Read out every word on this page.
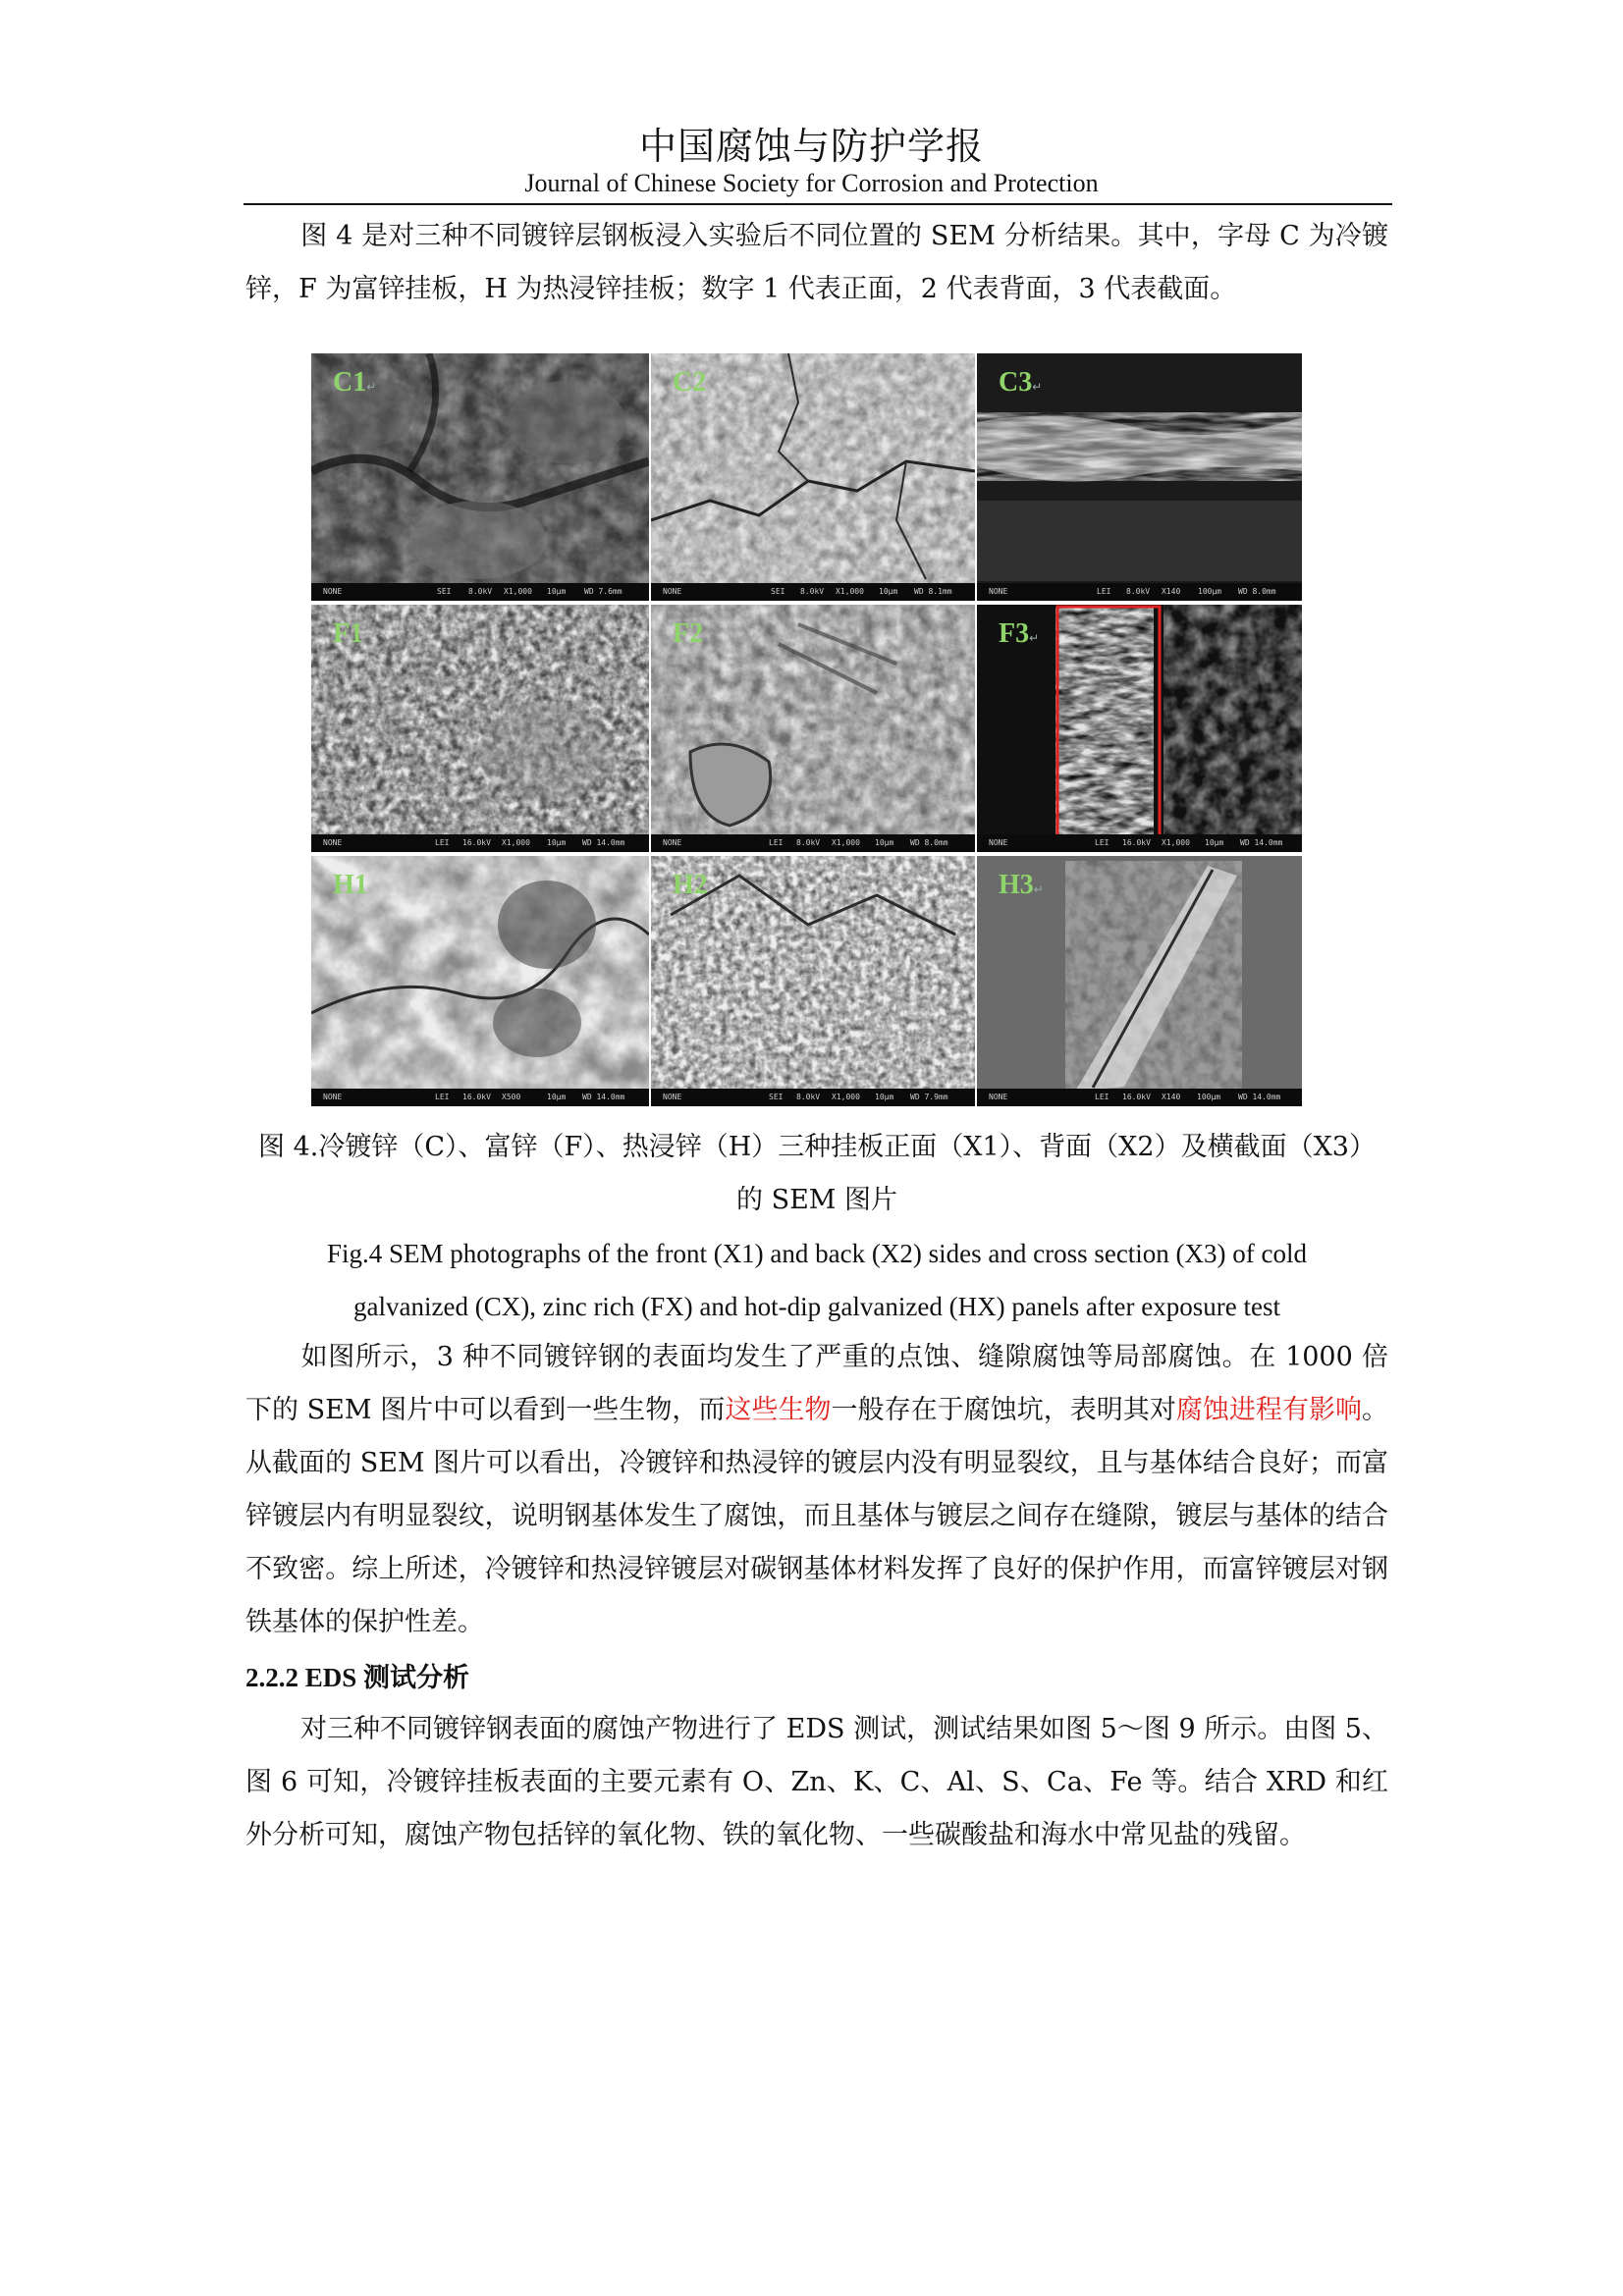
中国腐蚀与防护学报
Journal of Chinese Society for Corrosion and Protection
图 4 是对三种不同镀锌层钢板浸入实验后不同位置的 SEM 分析结果。其中，字母 C 为冷镀锌，F 为富锌挂板，H 为热浸锌挂板；数字 1 代表正面，2 代表背面，3 代表截面。
C1↵
NONE	SEI 8.0kV X1,000 10μm WD 7.6mm
C2
NONE	SEI 8.0kV X1,000 10μm WD 8.1mm
C3↵
NONE	LEI 8.0kV X140 100μm WD 8.0mm
F1
NONE	LEI 16.0kV X1,000 10μm WD 14.0mm
F2
NONE	LEI 8.0kV X1,000 10μm WD 8.0mm
F3↵
NONE	LEI 16.0kV X1,000 10μm WD 14.0mm
H1
NONE	LEI 16.0kV X500	10μm WD 14.0mm
H2
NONE	SEI 8.0kV X1,000 10μm WD 7.9mm
H3↵
NONE	LEI 16.0kV X140 100μm WD 14.0mm
图 4.冷镀锌（C）、富锌（F）、热浸锌（H）三种挂板正面（X1）、背面（X2）及横截面（X3）的 SEM 图片
Fig.4 SEM photographs of the front (X1) and back (X2) sides and cross section (X3) of cold galvanized (CX), zinc rich (FX) and hot-dip galvanized (HX) panels after exposure test
如图所示，3 种不同镀锌钢的表面均发生了严重的点蚀、缝隙腐蚀等局部腐蚀。在 1000 倍下的 SEM 图片中可以看到一些生物，而这些生物一般存在于腐蚀坑，表明其对腐蚀进程有影响。从截面的 SEM 图片可以看出，冷镀锌和热浸锌的镀层内没有明显裂纹，且与基体结合良好；而富锌镀层内有明显裂纹，说明钢基体发生了腐蚀，而且基体与镀层之间存在缝隙，镀层与基体的结合不致密。综上所述，冷镀锌和热浸锌镀层对碳钢基体材料发挥了良好的保护作用，而富锌镀层对钢铁基体的保护性差。
2.2.2 EDS 测试分析
对三种不同镀锌钢表面的腐蚀产物进行了 EDS 测试，测试结果如图 5～图 9 所示。由图 5、图 6 可知，冷镀锌挂板表面的主要元素有 O、Zn、K、C、Al、S、Ca、Fe 等。结合 XRD 和红外分析可知，腐蚀产物包括锌的氧化物、铁的氧化物、一些碳酸盐和海水中常见盐的残留。
